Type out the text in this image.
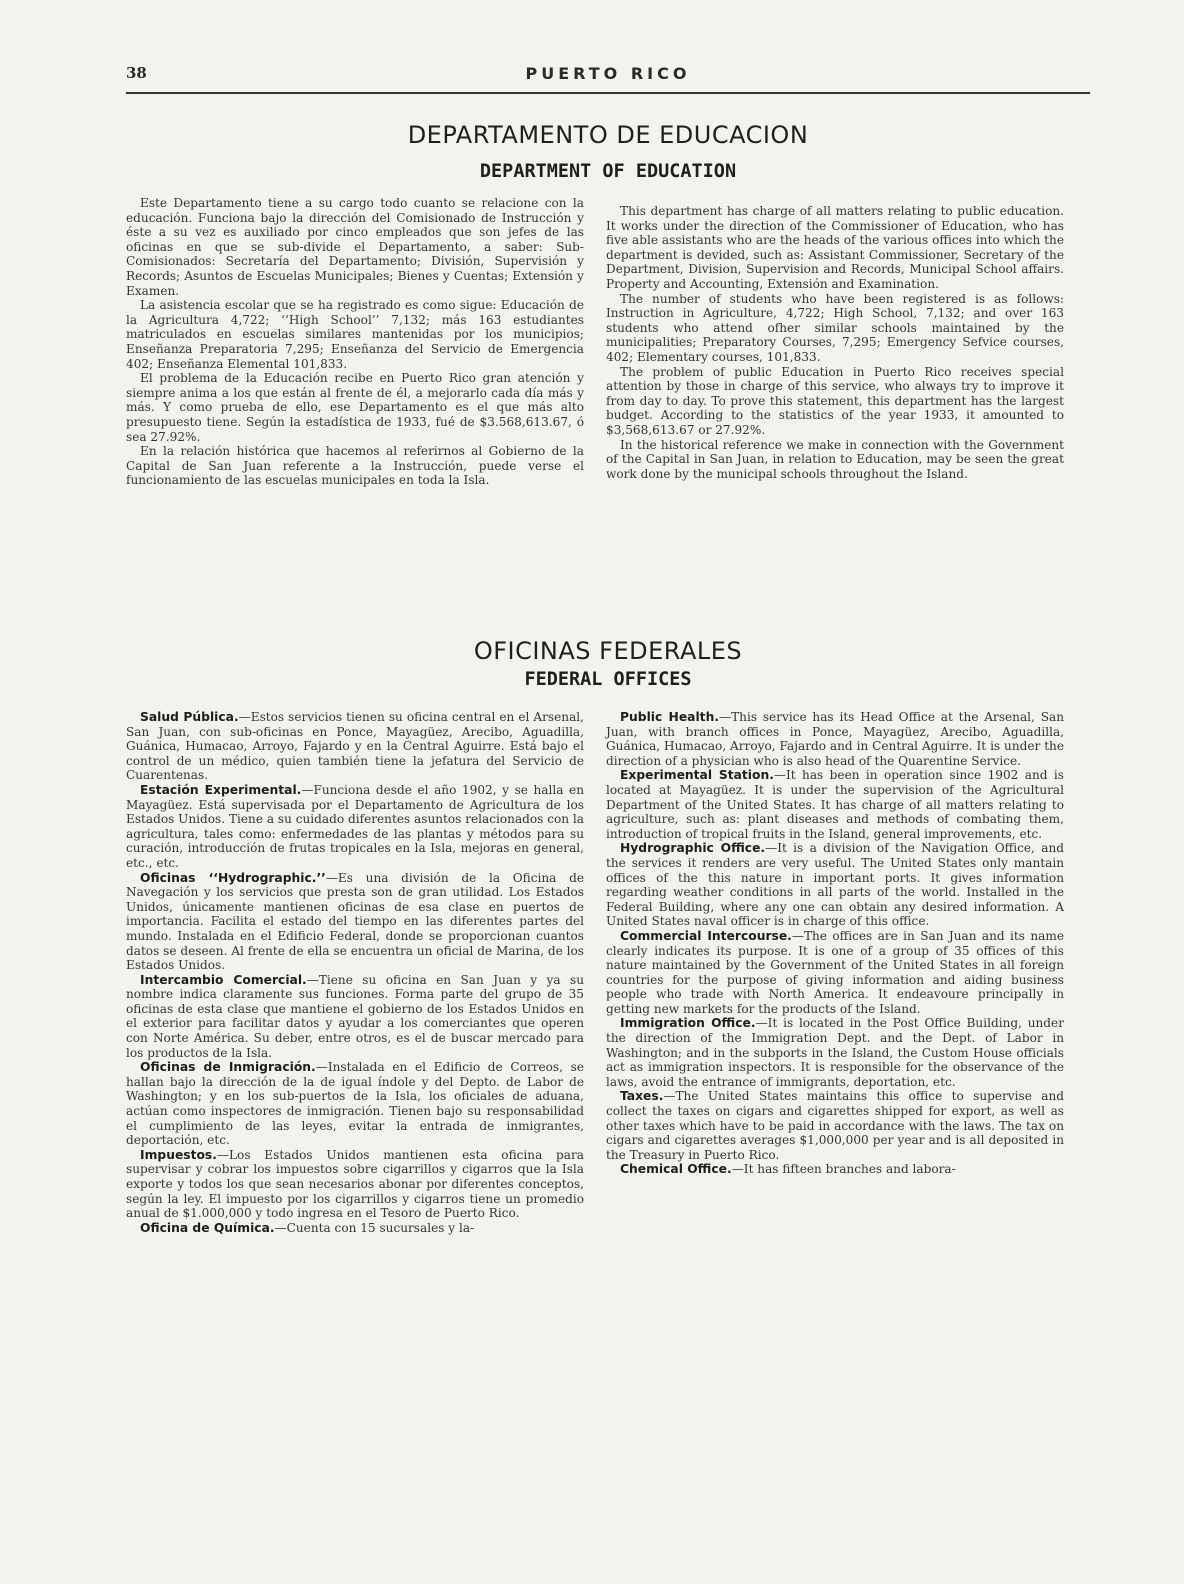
38	PUERTO RICO
DEPARTAMENTO DE EDUCACION
DEPARTMENT OF EDUCATION

Este Departamento tiene a su cargo todo cuanto se relacione con la educación. Funciona bajo la dirección del Comisionado de Instrucción y éste a su vez es auxiliado por cinco empleados que son jefes de las oficinas en que se sub-divide el Departamento, a saber: Sub-Comisionados: Secretaría del Departamento; División, Supervisión y Records; Asuntos de Escuelas Municipales; Bienes y Cuentas; Extensión y Examen.

La asistencia escolar que se ha registrado es como sigue: Educación de la Agricultura 4,722; ‘‘High School’’ 7,132; más 163 estudiantes matriculados en escuelas similares mantenidas por los municipios; Enseñanza Preparatoria 7,295; Enseñanza del Servicio de Emergencia 402; Enseñanza Elemental 101,833.

El problema de la Educación recibe en Puerto Rico gran atención y siempre anima a los que están al frente de él, a mejorarlo cada día más y más. Y como prueba de ello, ese Departamento es el que más alto presupuesto tiene. Según la estadística de 1933, fué de $3.568,613.67, ó sea 27.92%.

En la relación histórica que hacemos al referirnos al Gobierno de la Capital de San Juan referente a la Instrucción, puede verse el funcionamiento de las escuelas municipales en toda la Isla.

This department has charge of all matters relating to public education. It works under the direction of the Commissioner of Education, who has five able assistants who are the heads of the various offices into which the department is devided, such as: Assistant Commissioner, Secretary of the Department, Division, Supervision and Records, Municipal School affairs. Property and Accounting, Extensión and Examination.

The number of students who have been registered is as follows: Instruction in Agriculture, 4,722; High School, 7,132; and over 163 students who attend ofher similar schools maintained by the municipalities; Preparatory Courses, 7,295; Emergency Sefvice courses, 402; Elementary courses, 101,833.

The problem of public Education in Puerto Rico receives special attention by those in charge of this service, who always try to improve it from day to day. To prove this statement, this department has the largest budget. According to the statistics of the year 1933, it amounted to $3,568,613.67 or 27.92%.

In the historical reference we make in connection with the Government of the Capital in San Juan, in relation to Education, may be seen the great work done by the municipal schools throughout the Island.

OFICINAS FEDERALES
FEDERAL OFFICES

Salud Pública.—Estos servicios tienen su oficina central en el Arsenal, San Juan, con sub-oficinas en Ponce, Mayagüez, Arecibo, Aguadilla, Guánica, Humacao, Arroyo, Fajardo y en la Central Aguirre. Está bajo el control de un médico, quien también tiene la jefatura del Servicio de Cuarentenas.

Estación Experimental.—Funciona desde el año 1902, y se halla en Mayagüez. Está supervisada por el Departamento de Agricultura de los Estados Unidos. Tiene a su cuidado diferentes asuntos relacionados con la agricultura, tales como: enfermedades de las plantas y métodos para su curación, introducción de frutas tropicales en la Isla, mejoras en general, etc., etc.

Oficinas ‘‘Hydrographic.’’—Es una división de la Oficina de Navegación y los servicios que presta son de gran utilidad. Los Estados Unidos, únicamente mantienen oficinas de esa clase en puertos de importancia. Facilita el estado del tiempo en las diferentes partes del mundo. Instalada en el Edificio Federal, donde se proporcionan cuantos datos se deseen. Al frente de ella se encuentra un oficial de Marina, de los Estados Unidos.

Intercambio Comercial.—Tiene su oficina en San Juan y ya su nombre indica claramente sus funciones. Forma parte del grupo de 35 oficinas de esta clase que mantiene el gobierno de los Estados Unidos en el exterior para facilitar datos y ayudar a los comerciantes que operen con Norte América. Su deber, entre otros, es el de buscar mercado para los productos de la Isla.

Oficinas de Inmigración.—Instalada en el Edificio de Correos, se hallan bajo la dirección de la de igual índole y del Depto. de Labor de Washington; y en los sub-puertos de la Isla, los oficiales de aduana, actúan como inspectores de inmigración. Tienen bajo su responsabilidad el cumplimiento de las leyes, evitar la entrada de inmigrantes, deportación, etc.

Impuestos.—Los Estados Unidos mantienen esta oficina para supervisar y cobrar los impuestos sobre cigarrillos y cigarros que la Isla exporte y todos los que sean necesarios abonar por diferentes conceptos, según la ley. El impuesto por los cigarrillos y cigarros tiene un promedio anual de $1.000,000 y todo ingresa en el Tesoro de Puerto Rico.

Oficina de Química.—Cuenta con 15 sucursales y la-

Public Health.—This service has its Head Office at the Arsenal, San Juan, with branch offices in Ponce, Mayagüez, Arecibo, Aguadilla, Guánica, Humacao, Arroyo, Fajardo and in Central Aguirre. It is under the direction of a physician who is also head of the Quarentine Service.

Experimental Station.—It has been in operation since 1902 and is located at Mayagüez. It is under the supervision of the Agricultural Department of the United States. It has charge of all matters relating to agriculture, such as: plant diseases and methods of combating them, introduction of tropical fruits in the Island, general improvements, etc.

Hydrographic Office.—It is a division of the Navigation Office, and the services it renders are very useful. The United States only mantain offices of the this nature in important ports. It gives information regarding weather conditions in all parts of the world. Installed in the Federal Building, where any one can obtain any desired information. A United States naval officer is in charge of this office.

Commercial Intercourse.—The offices are in San Juan and its name clearly indicates its purpose. It is one of a group of 35 offices of this nature maintained by the Government of the United States in all foreign countries for the purpose of giving information and aiding business people who trade with North America. It endeavoure principally in getting new markets for the products of the Island.

Immigration Office.—It is located in the Post Office Building, under the direction of the Immigration Dept. and the Dept. of Labor in Washington; and in the subports in the Island, the Custom House officials act as immigration inspectors. It is responsible for the observance of the laws, avoid the entrance of immigrants, deportation, etc.

Taxes.—The United States maintains this office to supervise and collect the taxes on cigars and cigarettes shipped for export, as well as other taxes which have to be paid in accordance with the laws. The tax on cigars and cigarettes averages $1,000,000 per year and is all deposited in the Treasury in Puerto Rico.

Chemical Office.—It has fifteen branches and labora-
